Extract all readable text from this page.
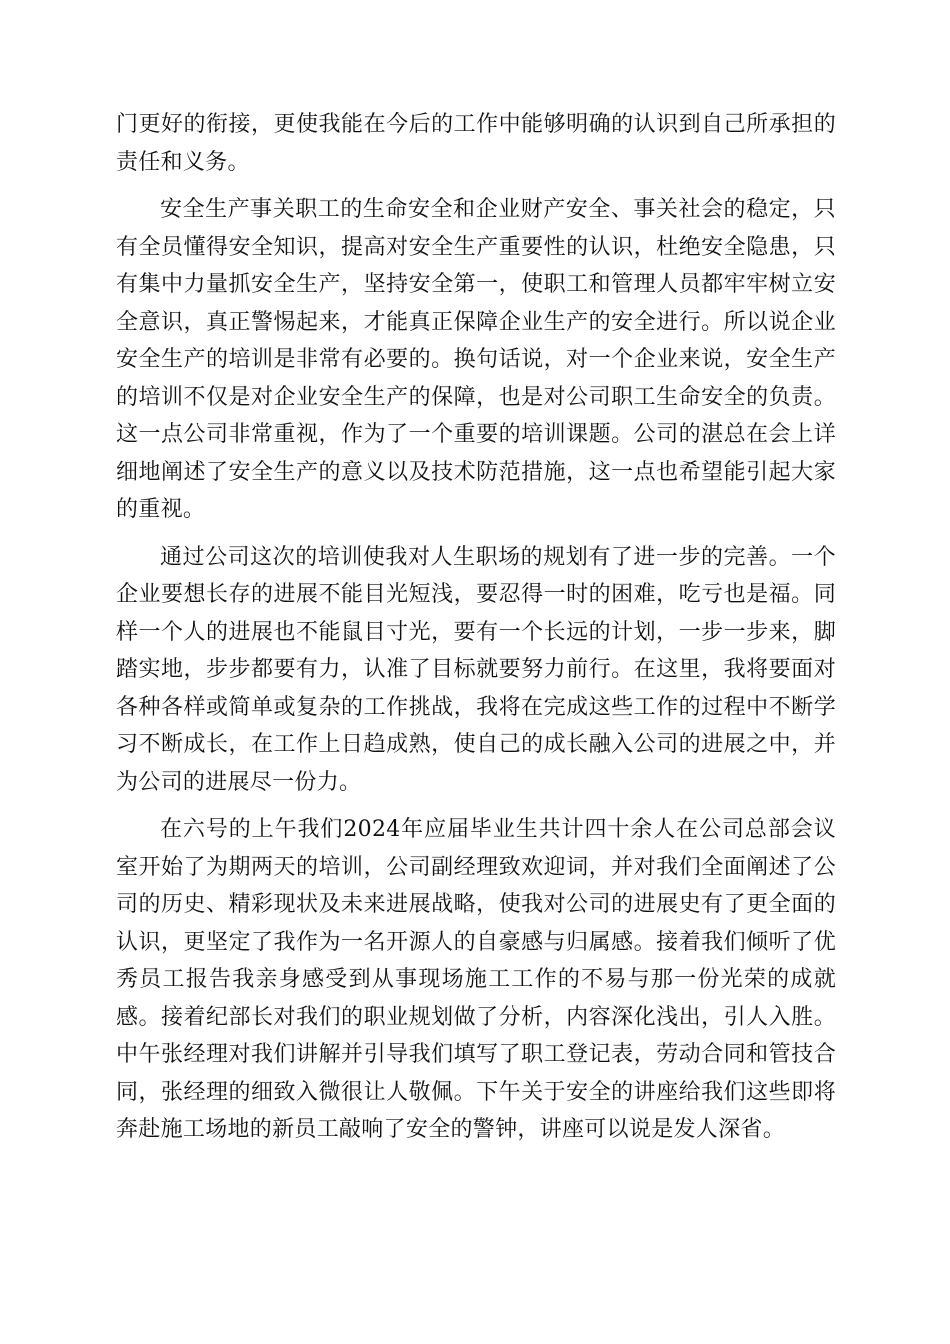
门更好的衔接，更使我能在今后的工作中能够明确的认识到自己所承担的责任和义务。

安全生产事关职工的生命安全和企业财产安全、事关社会的稳定，只有全员懂得安全知识，提高对安全生产重要性的认识，杜绝安全隐患，只有集中力量抓安全生产，坚持安全第一，使职工和管理人员都牢牢树立安全意识，真正警惕起来，才能真正保障企业生产的安全进行。所以说企业安全生产的培训是非常有必要的。换句话说，对一个企业来说，安全生产的培训不仅是对企业安全生产的保障，也是对公司职工生命安全的负责。这一点公司非常重视，作为了一个重要的培训课题。公司的湛总在会上详细地阐述了安全生产的意义以及技术防范措施，这一点也希望能引起大家的重视。

通过公司这次的培训使我对人生职场的规划有了进一步的完善。一个企业要想长存的进展不能目光短浅，要忍得一时的困难，吃亏也是福。同样一个人的进展也不能鼠目寸光，要有一个长远的计划，一步一步来，脚踏实地，步步都要有力，认准了目标就要努力前行。在这里，我将要面对各种各样或简单或复杂的工作挑战，我将在完成这些工作的过程中不断学习不断成长，在工作上日趋成熟，使自己的成长融入公司的进展之中，并为公司的进展尽一份力。

在六号的上午我们2024年应届毕业生共计四十余人在公司总部会议室开始了为期两天的培训，公司副经理致欢迎词，并对我们全面阐述了公司的历史、精彩现状及未来进展战略，使我对公司的进展史有了更全面的认识，更坚定了我作为一名开源人的自豪感与归属感。接着我们倾听了优秀员工报告我亲身感受到从事现场施工工作的不易与那一份光荣的成就感。接着纪部长对我们的职业规划做了分析，内容深化浅出，引人入胜。中午张经理对我们讲解并引导我们填写了职工登记表，劳动合同和管技合同，张经理的细致入微很让人敬佩。下午关于安全的讲座给我们这些即将奔赴施工场地的新员工敲响了安全的警钟，讲座可以说是发人深省。
